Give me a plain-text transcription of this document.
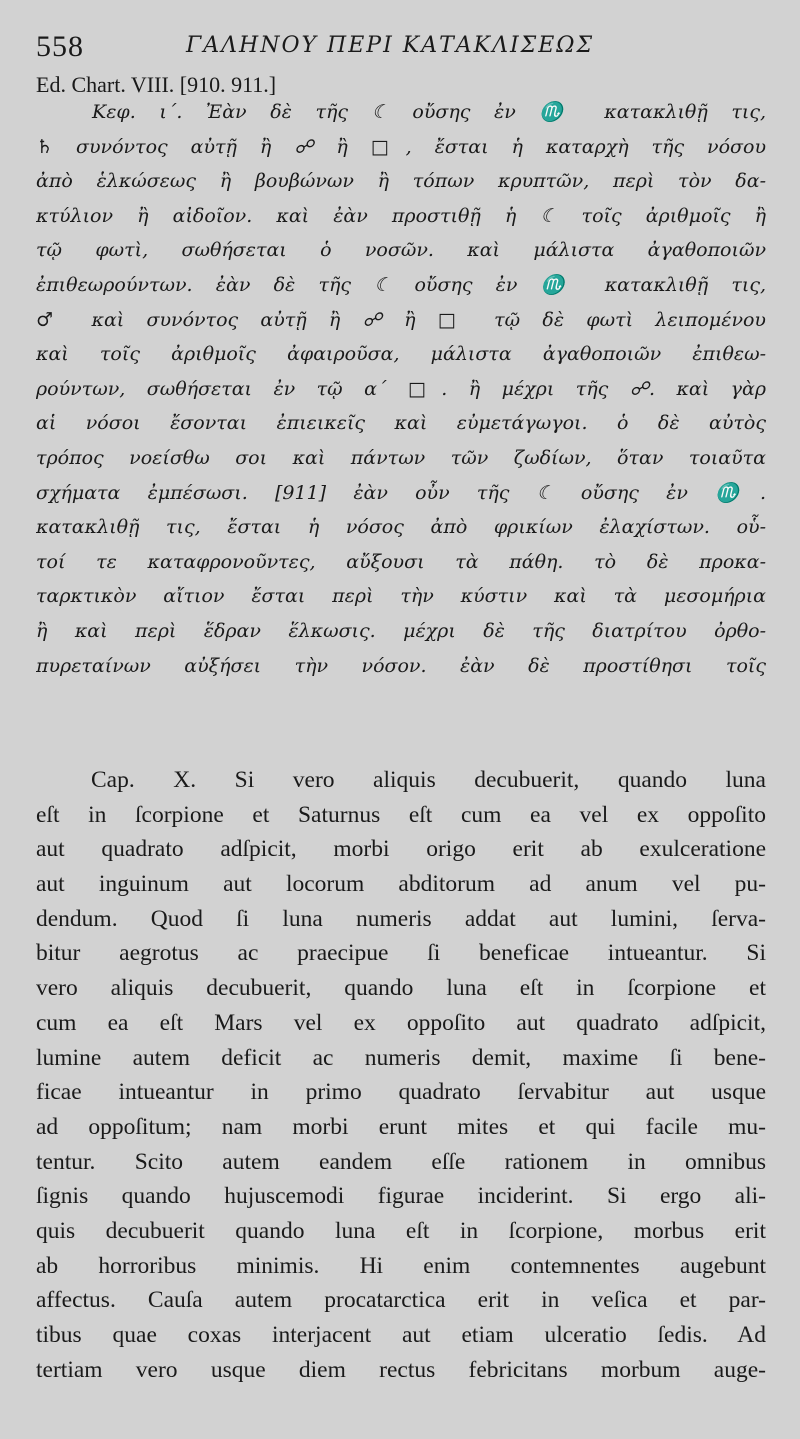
558	ΓΑΛΗΝΟΥ ΠΕΡΙ ΚΑΤΑΚΛΙΣΕΩΣ
Ed. Chart. VIII. [910. 911.]
Κεφ. ι΄. Ἐὰν δὲ τῆς ☾ οὔσης ἐν ♏ κατακλιθῇ τις,
♄ συνόντος αὐτῇ ἢ ☍ ἢ □, ἔσται ἡ καταρχὴ τῆς νόσου
ἀπὸ ἑλκώσεως ἢ βουβώνων ἢ τόπων κρυπτῶν, περὶ τὸν δα-
κτύλιον ἢ αἰδοῖον. καὶ ἐὰν προστιθῇ ἡ ☾ τοῖς ἀριθμοῖς ἢ
τῷ φωτὶ, σωθήσεται ὁ νοσῶν. καὶ μάλιστα ἀγαθοποιῶν
ἐπιθεωρούντων. ἐὰν δὲ τῆς ☾ οὔσης ἐν ♏ κατακλιθῇ τις,
♂ καὶ συνόντος αὐτῇ ἢ ☍ ἢ □ τῷ δὲ φωτὶ λειπομένου
καὶ τοῖς ἀριθμοῖς ἀφαιροῦσα, μάλιστα ἀγαθοποιῶν ἐπιθεω-
ρούντων, σωθήσεται ἐν τῷ α΄ □. ἢ μέχρι τῆς ☍. καὶ γὰρ
αἱ νόσοι ἔσονται ἐπιεικεῖς καὶ εὐμετάγωγοι. ὁ δὲ αὐτὸς
τρόπος νοείσθω σοι καὶ πάντων τῶν ζωδίων, ὅταν τοιαῦτα
σχήματα ἐμπέσωσι. [911] ἐὰν οὖν τῆς ☾ οὔσης ἐν ♏.
κατακλιθῇ τις, ἔσται ἡ νόσος ἀπὸ φρικίων ἐλαχίστων. οὗ-
τοί τε καταφρονοῦντες, αὔξουσι τὰ πάθη. τὸ δὲ προκα-
ταρκτικὸν αἴτιον ἔσται περὶ τὴν κύστιν καὶ τὰ μεσομήρια
ἢ καὶ περὶ ἕδραν ἕλκωσις. μέχρι δὲ τῆς διατρίτου ὀρθο-
πυρεταίνων αὐξήσει τὴν νόσον. ἐὰν δὲ προστίθησι τοῖς
Cap. X. Si vero aliquis decubuerit, quando luna
eſt in ſcorpione et Saturnus eſt cum ea vel ex oppoſito
aut quadrato adſpicit, morbi origo erit ab exulceratione
aut inguinum aut locorum abditorum ad anum vel pu-
dendum. Quod ſi luna numeris addat aut lumini, ſerva-
bitur aegrotus ac praecipue ſi beneficae intueantur. Si
vero aliquis decubuerit, quando luna eſt in ſcorpione et
cum ea eſt Mars vel ex oppoſito aut quadrato adſpicit,
lumine autem deficit ac numeris demit, maxime ſi bene-
ficae intueantur in primo quadrato ſervabitur aut usque
ad oppoſitum; nam morbi erunt mites et qui facile mu-
tentur. Scito autem eandem eſſe rationem in omnibus
ſignis quando hujuscemodi figurae inciderint. Si ergo ali-
quis decubuerit quando luna eſt in ſcorpione, morbus erit
ab horroribus minimis. Hi enim contemnentes augebunt
affectus. Cauſa autem procatarctica erit in veſica et par-
tibus quae coxas interjacent aut etiam ulceratio ſedis. Ad
tertiam vero usque diem rectus febricitans morbum auge-
